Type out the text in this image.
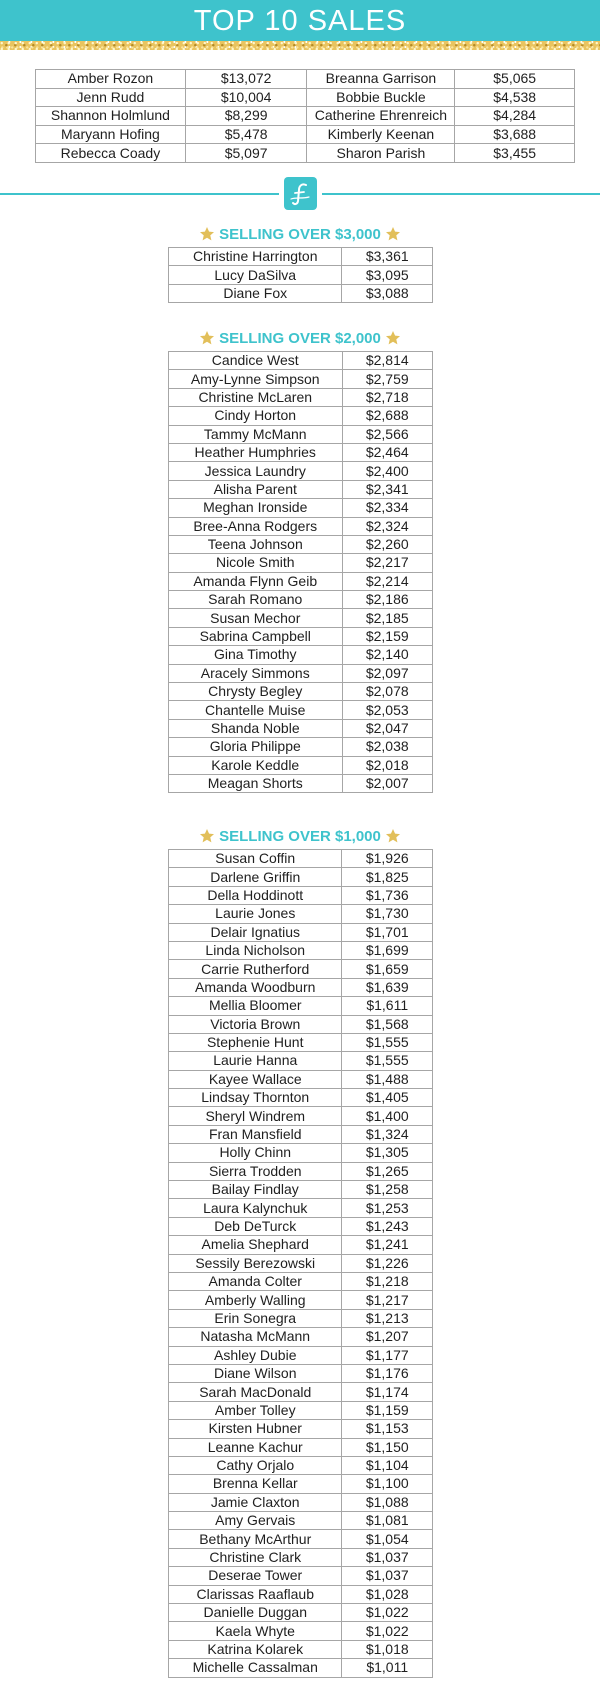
TOP 10 SALES
Amber Rozon	$13,072	Breanna Garrison	$5,065
Jenn Rudd	$10,004	Bobbie Buckle	$4,538
Shannon Holmlund	$8,299	Catherine Ehrenreich	$4,284
Maryann Hofing	$5,478	Kimberly Keenan	$3,688
Rebecca Coady	$5,097	Sharon Parish	$3,455
SELLING OVER $3,000
Christine Harrington	$3,361
Lucy DaSilva	$3,095
Diane Fox	$3,088
SELLING OVER $2,000
Candice West	$2,814
Amy-Lynne Simpson	$2,759
Christine McLaren	$2,718
Cindy Horton	$2,688
Tammy McMann	$2,566
Heather Humphries	$2,464
Jessica Laundry	$2,400
Alisha Parent	$2,341
Meghan Ironside	$2,334
Bree-Anna Rodgers	$2,324
Teena Johnson	$2,260
Nicole Smith	$2,217
Amanda Flynn Geib	$2,214
Sarah Romano	$2,186
Susan Mechor	$2,185
Sabrina Campbell	$2,159
Gina Timothy	$2,140
Aracely Simmons	$2,097
Chrysty Begley	$2,078
Chantelle Muise	$2,053
Shanda Noble	$2,047
Gloria Philippe	$2,038
Karole Keddle	$2,018
Meagan Shorts	$2,007
SELLING OVER $1,000
Susan Coffin	$1,926
Darlene Griffin	$1,825
Della Hoddinott	$1,736
Laurie Jones	$1,730
Delair Ignatius	$1,701
Linda Nicholson	$1,699
Carrie Rutherford	$1,659
Amanda Woodburn	$1,639
Mellia Bloomer	$1,611
Victoria Brown	$1,568
Stephenie Hunt	$1,555
Laurie Hanna	$1,555
Kayee Wallace	$1,488
Lindsay Thornton	$1,405
Sheryl Windrem	$1,400
Fran Mansfield	$1,324
Holly Chinn	$1,305
Sierra Trodden	$1,265
Bailay Findlay	$1,258
Laura Kalynchuk	$1,253
Deb DeTurck	$1,243
Amelia Shephard	$1,241
Sessily Berezowski	$1,226
Amanda Colter	$1,218
Amberly Walling	$1,217
Erin Sonegra	$1,213
Natasha McMann	$1,207
Ashley Dubie	$1,177
Diane Wilson	$1,176
Sarah MacDonald	$1,174
Amber Tolley	$1,159
Kirsten Hubner	$1,153
Leanne Kachur	$1,150
Cathy Orjalo	$1,104
Brenna Kellar	$1,100
Jamie Claxton	$1,088
Amy Gervais	$1,081
Bethany McArthur	$1,054
Christine Clark	$1,037
Deserae Tower	$1,037
Clarissas Raaflaub	$1,028
Danielle Duggan	$1,022
Kaela Whyte	$1,022
Katrina Kolarek	$1,018
Michelle Cassalman	$1,011
